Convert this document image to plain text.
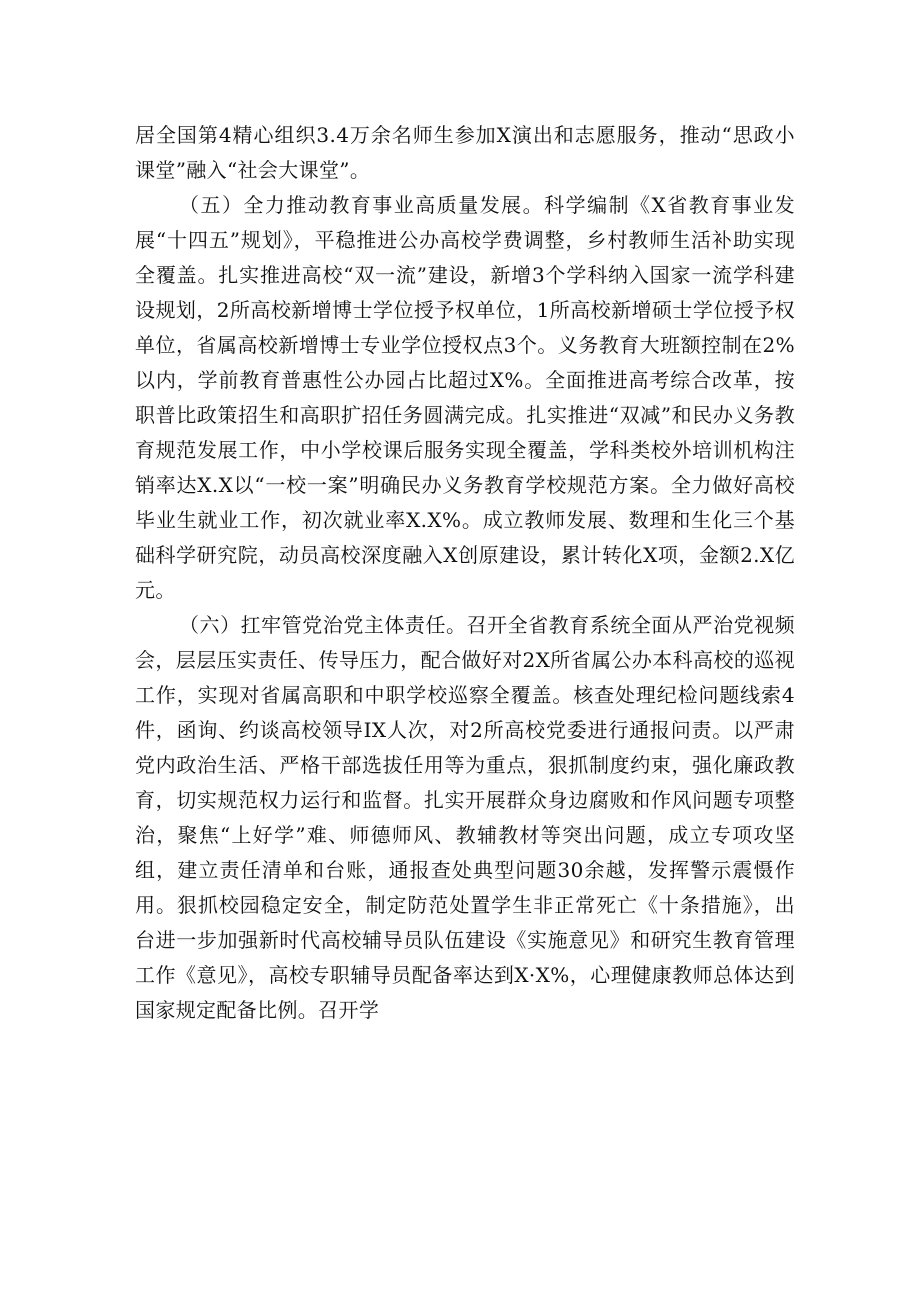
居全国第4精心组织3.4万余名师生参加X演出和志愿服务，推动“思政小课堂”融入“社会大课堂”。

（五）全力推动教育事业高质量发展。科学编制《X省教育事业发展“十四五”规划》，平稳推进公办高校学费调整，乡村教师生活补助实现全覆盖。扎实推进高校“双一流”建设，新增3个学科纳入国家一流学科建设规划，2所高校新增博士学位授予权单位，1所高校新增硕士学位授予权单位，省属高校新增博士专业学位授权点3个。义务教育大班额控制在2%以内，学前教育普惠性公办园占比超过X%。全面推进高考综合改革，按职普比政策招生和高职扩招任务圆满完成。扎实推进“双减”和民办义务教育规范发展工作，中小学校课后服务实现全覆盖，学科类校外培训机构注销率达X.X以“一校一案”明确民办义务教育学校规范方案。全力做好高校毕业生就业工作，初次就业率X.X%。成立教师发展、数理和生化三个基础科学研究院，动员高校深度融入X创原建设，累计转化X项，金额2.X亿元。

（六）扛牢管党治党主体责任。召开全省教育系统全面从严治党视频会，层层压实责任、传导压力，配合做好对2X所省属公办本科高校的巡视工作，实现对省属高职和中职学校巡察全覆盖。核查处理纪检问题线索4件，函询、约谈高校领导IX人次，对2所高校党委进行通报问责。以严肃党内政治生活、严格干部选拔任用等为重点，狠抓制度约束，强化廉政教育，切实规范权力运行和监督。扎实开展群众身边腐败和作风问题专项整治，聚焦“上好学”难、师德师风、教辅教材等突出问题，成立专项攻坚组，建立责任清单和台账，通报查处典型问题30余越，发挥警示震慑作用。狠抓校园稳定安全，制定防范处置学生非正常死亡《十条措施》，出台进一步加强新时代高校辅导员队伍建设《实施意见》和研究生教育管理工作《意见》，高校专职辅导员配备率达到X·X%，心理健康教师总体达到国家规定配备比例。召开学
